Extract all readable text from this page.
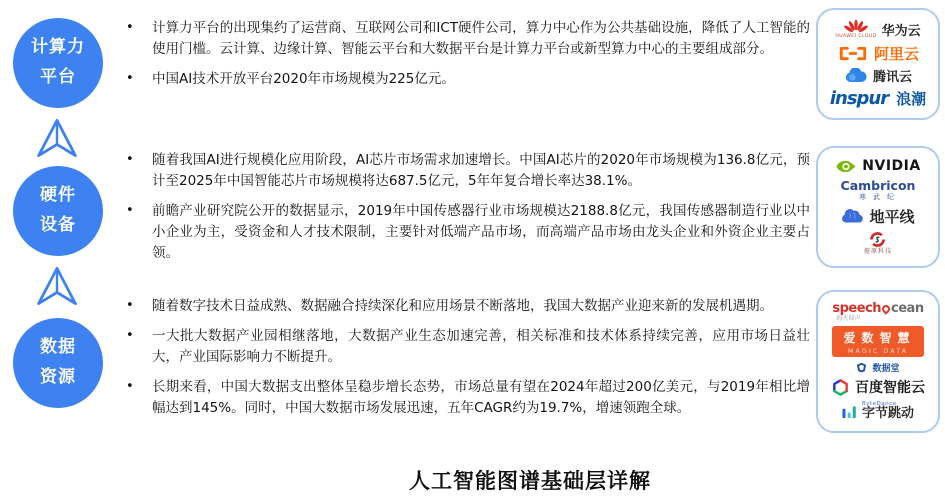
计算力
平台
硬件
设备
数据
资源
•

计算力平台的出现集约了运营商、互联网公司和ICT硬件公司，算力中心作为公共基础设施，降低了人工智能的使用门槛。云计算、边缘计算、智能云平台和大数据平台是计算力平台或新型算力中心的主要组成部分。

•

中国AI技术开放平台2020年市场规模为225亿元。

•

随着我国AI进行规模化应用阶段，AI芯片市场需求加速增长。中国AI芯片的2020年市场规模为136.8亿元，预计至2025年中国智能芯片市场规模将达687.5亿元，5年年复合增长率达38.1%。

•

前瞻产业研究院公开的数据显示，2019年中国传感器行业市场规模达2188.8亿元，我国传感器制造行业以中小企业为主，受资金和人才技术限制，主要针对低端产品市场，而高端产品市场由龙头企业和外资企业主要占领。

•

随着数字技术日益成熟、数据融合持续深化和应用场景不断落地，我国大数据产业迎来新的发展机遇期。

•

一大批大数据产业园相继落地，大数据产业生态加速完善，相关标准和技术体系持续完善，应用市场日益壮大，产业国际影响力不断提升。

•

长期来看，中国大数据支出整体呈稳步增长态势，市场总量有望在2024年超过200亿美元，与2019年相比增幅达到145%。同时，中国大数据市场发展迅速，五年CAGR约为19.7%，增速领跑全球。

HUAWEI CLOUD 华为云
阿里云
腾讯云
inspur 浪潮
NVIDIA
Cambricon
寒武纪
地平线
燧原科技
speech cean
海天瑞声
爱数智慧
MAGIC DATA
数据堂
百度智能云
ByteDance
字节跳动
人工智能图谱基础层详解
